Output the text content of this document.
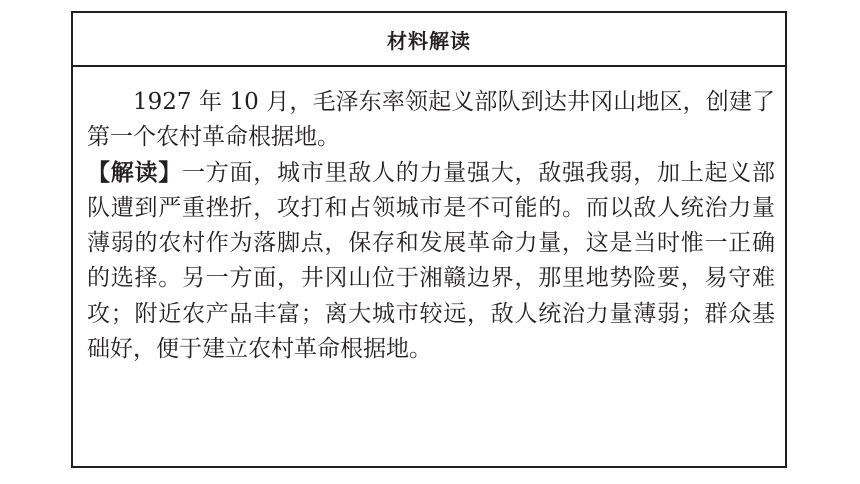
材料解读

1927 年 10 月，毛泽东率领起义部队到达井冈山地区，创建了第一个农村革命根据地。

【解读】一方面，城市里敌人的力量强大，敌强我弱，加上起义部队遭到严重挫折，攻打和占领城市是不可能的。而以敌人统治力量薄弱的农村作为落脚点，保存和发展革命力量，这是当时惟一正确的选择。另一方面，井冈山位于湘赣边界，那里地势险要，易守难攻；附近农产品丰富；离大城市较远，敌人统治力量薄弱；群众基础好，便于建立农村革命根据地。
